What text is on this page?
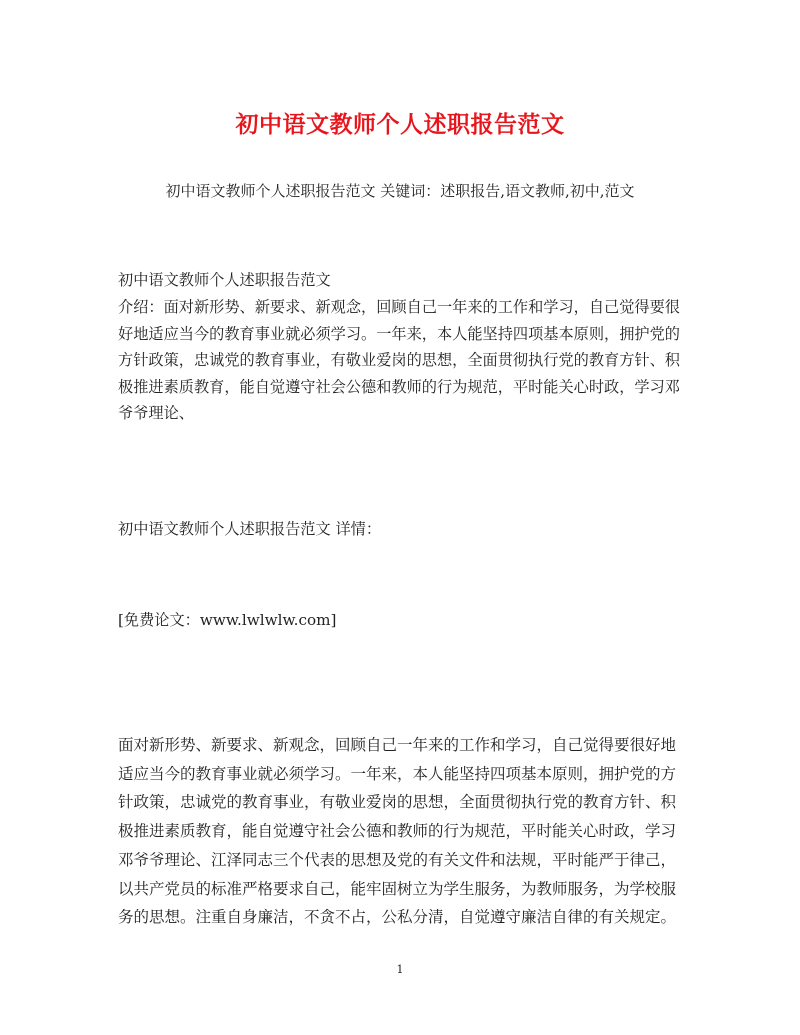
初中语文教师个人述职报告范文
初中语文教师个人述职报告范文 关键词：述职报告,语文教师,初中,范文

初中语文教师个人述职报告范文

介绍：面对新形势、新要求、新观念，回顾自己一年来的工作和学习，自己觉得要很好地适应当今的教育事业就必须学习。一年来，本人能坚持四项基本原则，拥护党的方针政策，忠诚党的教育事业，有敬业爱岗的思想，全面贯彻执行党的教育方针、积极推进素质教育，能自觉遵守社会公德和教师的行为规范，平时能关心时政，学习邓爷爷理论、

初中语文教师个人述职报告范文 详情：

[免费论文：www.lwlwlw.com]

面对新形势、新要求、新观念，回顾自己一年来的工作和学习，自己觉得要很好地适应当今的教育事业就必须学习。一年来，本人能坚持四项基本原则，拥护党的方针政策，忠诚党的教育事业，有敬业爱岗的思想，全面贯彻执行党的教育方针、积极推进素质教育，能自觉遵守社会公德和教师的行为规范，平时能关心时政，学习邓爷爷理论、江泽同志三个代表的思想及党的有关文件和法规，平时能严于律己，以共产党员的标准严格要求自己，能牢固树立为学生服务，为教师服务，为学校服务的思想。注重自身廉洁，不贪不占，公私分清，自觉遵守廉洁自律的有关规定。

1
